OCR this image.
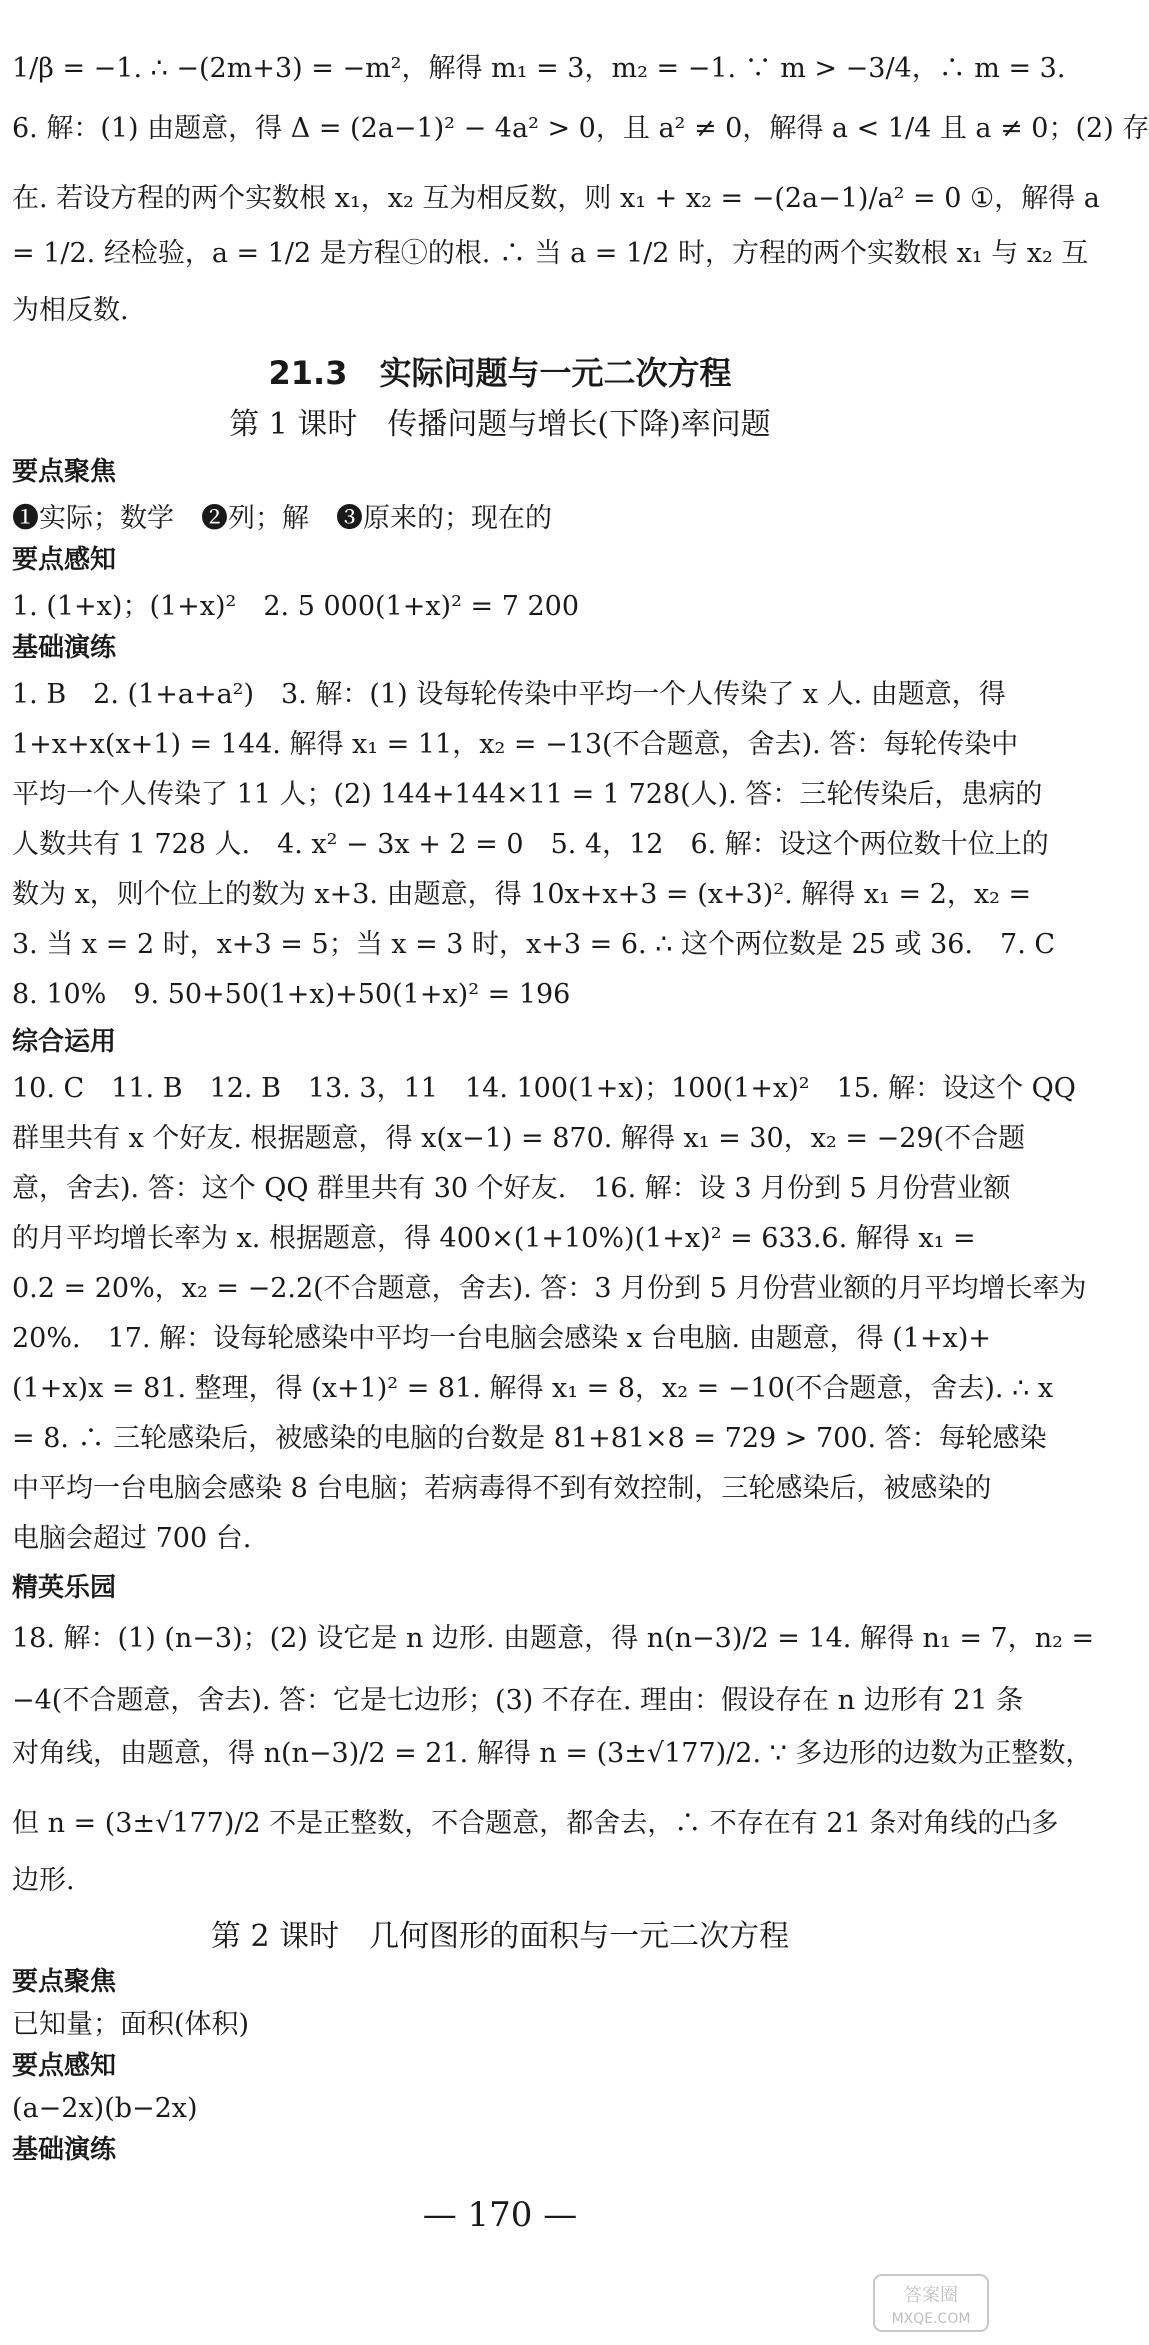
1/β = −1. ∴ −(2m+3) = −m²，解得 m₁ = 3，m₂ = −1. ∵ m > −3/4，∴ m = 3.
6. 解：(1) 由题意，得 Δ = (2a−1)² − 4a² > 0，且 a² ≠ 0，解得 a < 1/4 且 a ≠ 0；(2) 存
在. 若设方程的两个实数根 x₁，x₂ 互为相反数，则 x₁ + x₂ = −(2a−1)/a² = 0 ①，解得 a
= 1/2. 经检验，a = 1/2 是方程①的根. ∴ 当 a = 1/2 时，方程的两个实数根 x₁ 与 x₂ 互
为相反数.
21.3　实际问题与一元二次方程
第 1 课时　传播问题与增长(下降)率问题
要点聚焦
❶实际；数学　❷列；解　❸原来的；现在的
要点感知
1. (1+x)；(1+x)²　2. 5 000(1+x)² = 7 200
基础演练
1. B　2. (1+a+a²)　3. 解：(1) 设每轮传染中平均一个人传染了 x 人. 由题意，得
1+x+x(x+1) = 144. 解得 x₁ = 11，x₂ = −13(不合题意，舍去). 答：每轮传染中
平均一个人传染了 11 人；(2) 144+144×11 = 1 728(人). 答：三轮传染后，患病的
人数共有 1 728 人.　4. x² − 3x + 2 = 0　5. 4，12　6. 解：设这个两位数十位上的
数为 x，则个位上的数为 x+3. 由题意，得 10x+x+3 = (x+3)². 解得 x₁ = 2，x₂ =
3. 当 x = 2 时，x+3 = 5；当 x = 3 时，x+3 = 6. ∴ 这个两位数是 25 或 36.　7. C
8. 10%　9. 50+50(1+x)+50(1+x)² = 196
综合运用
10. C　11. B　12. B　13. 3，11　14. 100(1+x)；100(1+x)²　15. 解：设这个 QQ
群里共有 x 个好友. 根据题意，得 x(x−1) = 870. 解得 x₁ = 30，x₂ = −29(不合题
意，舍去). 答：这个 QQ 群里共有 30 个好友.　16. 解：设 3 月份到 5 月份营业额
的月平均增长率为 x. 根据题意，得 400×(1+10%)(1+x)² = 633.6. 解得 x₁ =
0.2 = 20%，x₂ = −2.2(不合题意，舍去). 答：3 月份到 5 月份营业额的月平均增长率为
20%.　17. 解：设每轮感染中平均一台电脑会感染 x 台电脑. 由题意，得 (1+x)+
(1+x)x = 81. 整理，得 (x+1)² = 81. 解得 x₁ = 8，x₂ = −10(不合题意，舍去). ∴ x
= 8. ∴ 三轮感染后，被感染的电脑的台数是 81+81×8 = 729 > 700. 答：每轮感染
中平均一台电脑会感染 8 台电脑；若病毒得不到有效控制，三轮感染后，被感染的
电脑会超过 700 台.
精英乐园
18. 解：(1) (n−3)；(2) 设它是 n 边形. 由题意，得 n(n−3)/2 = 14. 解得 n₁ = 7，n₂ =
−4(不合题意，舍去). 答：它是七边形；(3) 不存在. 理由：假设存在 n 边形有 21 条
对角线，由题意，得 n(n−3)/2 = 21. 解得 n = (3±√177)/2. ∵ 多边形的边数为正整数，
但 n = (3±√177)/2 不是正整数，不合题意，都舍去，∴ 不存在有 21 条对角线的凸多
边形.
第 2 课时　几何图形的面积与一元二次方程
要点聚焦
已知量；面积(体积)
要点感知
(a−2x)(b−2x)
基础演练
— 170 —
答案圈
MXQE.COM
